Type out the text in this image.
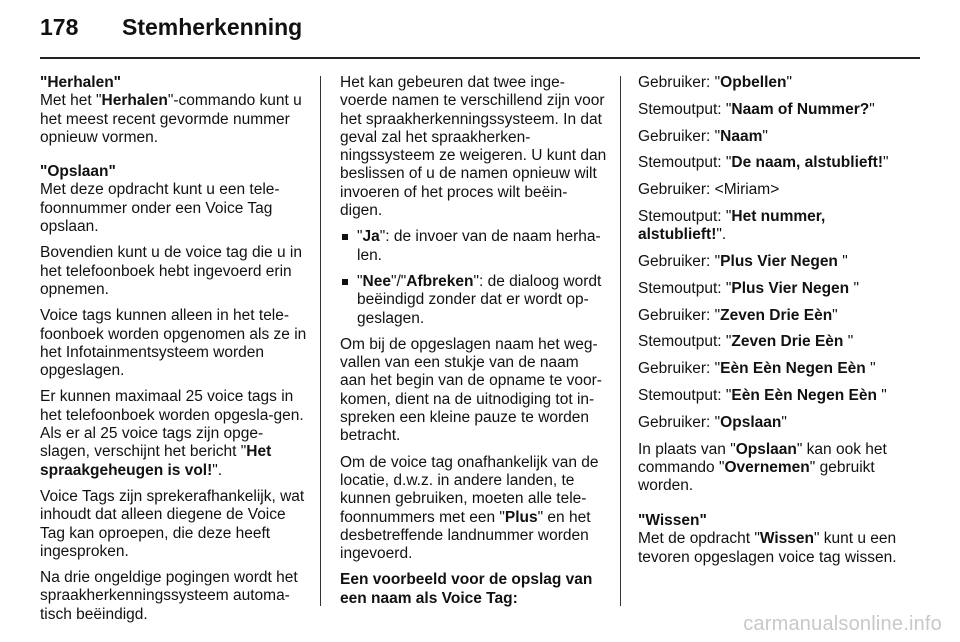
178 Stemherkenning

"Herhalen"
Met het "Herhalen"-commando kunt u het meest recent gevormde nummer opnieuw vormen.

"Opslaan"
Met deze opdracht kunt u een tele-foonnummer onder een Voice Tag opslaan.

Bovendien kunt u de voice tag die u in het telefoonboek hebt ingevoerd erin opnemen.

Voice tags kunnen alleen in het tele-foonboek worden opgenomen als ze in het Infotainmentsysteem worden opgeslagen.

Er kunnen maximaal 25 voice tags in het telefoonboek worden opgesla-gen. Als er al 25 voice tags zijn opge-slagen, verschijnt het bericht "Het spraakgeheugen is vol!".

Voice Tags zijn sprekerafhankelijk, wat inhoudt dat alleen diegene de Voice Tag kan oproepen, die deze heeft ingesproken.

Na drie ongeldige pogingen wordt het spraakherkenningssysteem automa-tisch beëindigd.

Het kan gebeuren dat twee inge-voerde namen te verschillend zijn voor het spraakherkenningssysteem. In dat geval zal het spraakherken-ningssysteem ze weigeren. U kunt dan beslissen of u de namen opnieuw wilt invoeren of het proces wilt beëin-digen.

"Ja": de invoer van de naam herha-len.
"Nee"/"Afbreken": de dialoog wordt beëindigd zonder dat er wordt op-geslagen.

Om bij de opgeslagen naam het weg-vallen van een stukje van de naam aan het begin van de opname te voor-komen, dient na de uitnodiging tot in-spreken een kleine pauze te worden betracht.

Om de voice tag onafhankelijk van de locatie, d.w.z. in andere landen, te kunnen gebruiken, moeten alle tele-foonnummers met een "Plus" en het desbetreffende landnummer worden ingevoerd.

Een voorbeeld voor de opslag van een naam als Voice Tag:

Gebruiker: "Opbellen"

Stemoutput: "Naam of Nummer?"

Gebruiker: "Naam"

Stemoutput: "De naam, alstublieft!"

Gebruiker: <Miriam>

Stemoutput: "Het nummer, alstublieft!".

Gebruiker: "Plus Vier Negen "

Stemoutput: "Plus Vier Negen "

Gebruiker: "Zeven Drie Eèn"

Stemoutput: "Zeven Drie Eèn "

Gebruiker: "Eèn Eèn Negen Eèn "

Stemoutput: "Eèn Eèn Negen Eèn "

Gebruiker: "Opslaan"

In plaats van "Opslaan" kan ook het commando "Overnemen" gebruikt worden.

"Wissen"
Met de opdracht "Wissen" kunt u een tevoren opgeslagen voice tag wissen.

carmanualsonline.info
